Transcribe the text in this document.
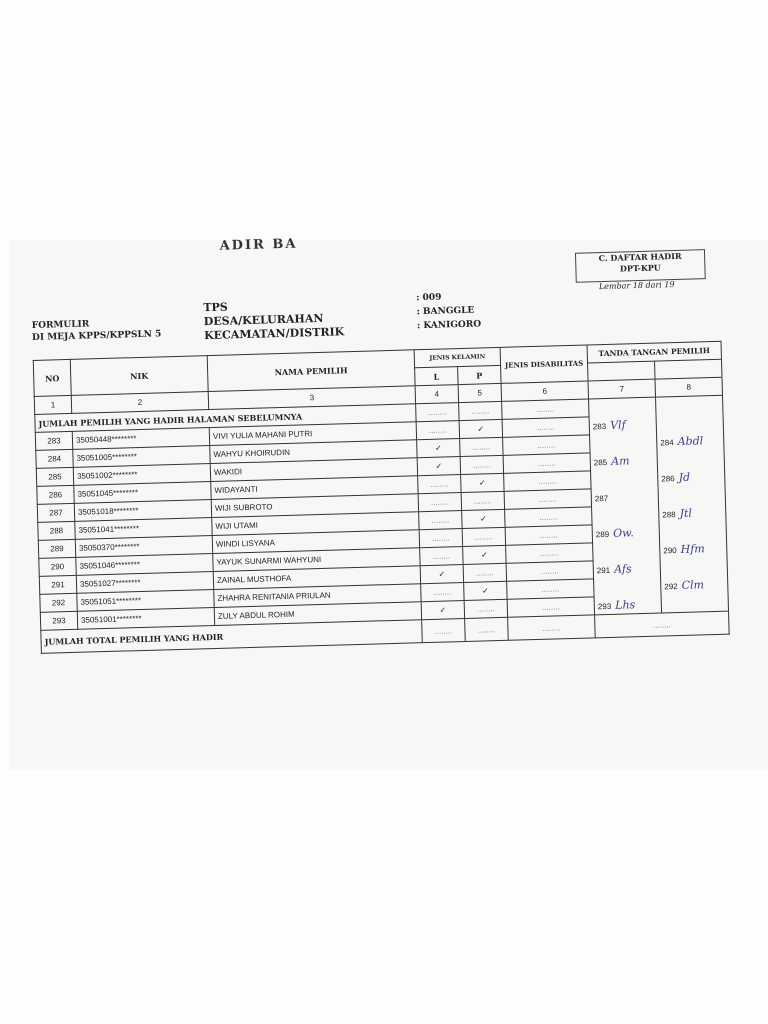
ADIR BA
C. DAFTAR HADIR
DPT-KPU
Lembar 18 dari 19
FORMULIR
DI MEJA KPPS/KPPSLN 5
TPS
DESA/KELURAHAN
KECAMATAN/DISTRIK
: 009
: BANGGLE
: KANIGORO
NO	NIK	NAMA PEMILIH	JENIS KELAMIN		JENIS DISABILITAS	TANDA TANGAN PEMILIH	
			L	P			
1	2	3	4	5	6	7	8
JUMLAH PEMILIH YANG HADIR HALAMAN SEBELUMNYA			........	........	........		
283	35050448********	VIVI YULIA MAHANI PUTRI	........	✓	........	283 Vlf	
284	35051005********	WAHYU KHOIRUDIN	✓	........	........		284 Abdl
285	35051002********	WAKIDI	✓	........	........	285 Am	
286	35051045********	WIDAYANTI	........	✓	........		286 Jd
287	35051018********	WIJI SUBROTO	........	........	........	287	
288	35051041********	WIJI UTAMI	........	✓	........		288 Jtl
289	35050370********	WINDI LISYANA	........	........	........	289 Ow.	
290	35051046********	YAYUK SUNARMI WAHYUNI	........	✓	........		290 Hfm
291	35051027********	ZAINAL MUSTHOFA	✓	........	........	291 Afs	
292	35051051********	ZHAHRA RENITANIA PRIULAN	........	✓	........		292 Clm
293	35051001********	ZULY ABDUL ROHIM	✓	........	........	293 Lhs	
JUMLAH TOTAL PEMILIH YANG HADIR			........	........	........	........	
